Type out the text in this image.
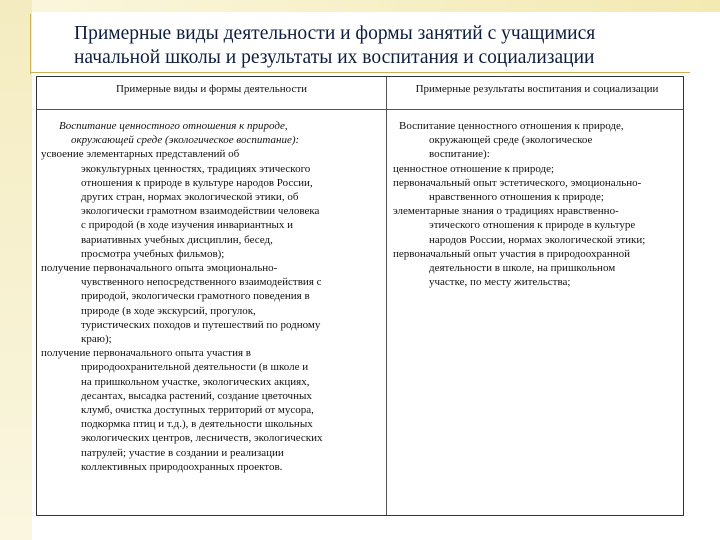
Примерные виды деятельности и формы занятий с учащимися
начальной школы и результаты их воспитания и социализации
Примерные виды и формы деятельности	Примерные результаты воспитания и социализации
Воспитание ценностного отношения к природе,
окружающей среде (экологическое воспитание):
усвоение элементарных представлений об
экокультурных ценностях, традициях этического
отношения к природе в культуре народов России,
других стран, нормах экологической этики, об
экологически грамотном взаимодействии человека
с природой (в ходе изучения инвариантных и
вариативных учебных дисциплин, бесед,
просмотра учебных фильмов);
получение первоначального опыта эмоционально-
чувственного непосредственного взаимодействия с
природой, экологически грамотного поведения в
природе (в ходе экскурсий, прогулок,
туристических походов и путешествий по родному
краю);
получение первоначального опыта участия в
природоохранительной деятельности (в школе и
на пришкольном участке, экологических акциях,
десантах, высадка растений, создание цветочных
клумб, очистка доступных территорий от мусора,
подкормка птиц и т.д.), в деятельности школьных
экологических центров, лесничеств, экологических
патрулей; участие в создании и реализации
коллективных природоохранных проектов.
Воспитание ценностного отношения к природе,
окружающей среде (экологическое
воспитание):
ценностное отношение к природе;
первоначальный опыт эстетического, эмоционально-
нравственного отношения к природе;
элементарные знания о традициях нравственно-
этического отношения к природе в культуре
народов России, нормах экологической этики;
первоначальный опыт участия в природоохранной
деятельности в школе, на пришкольном
участке, по месту жительства;
